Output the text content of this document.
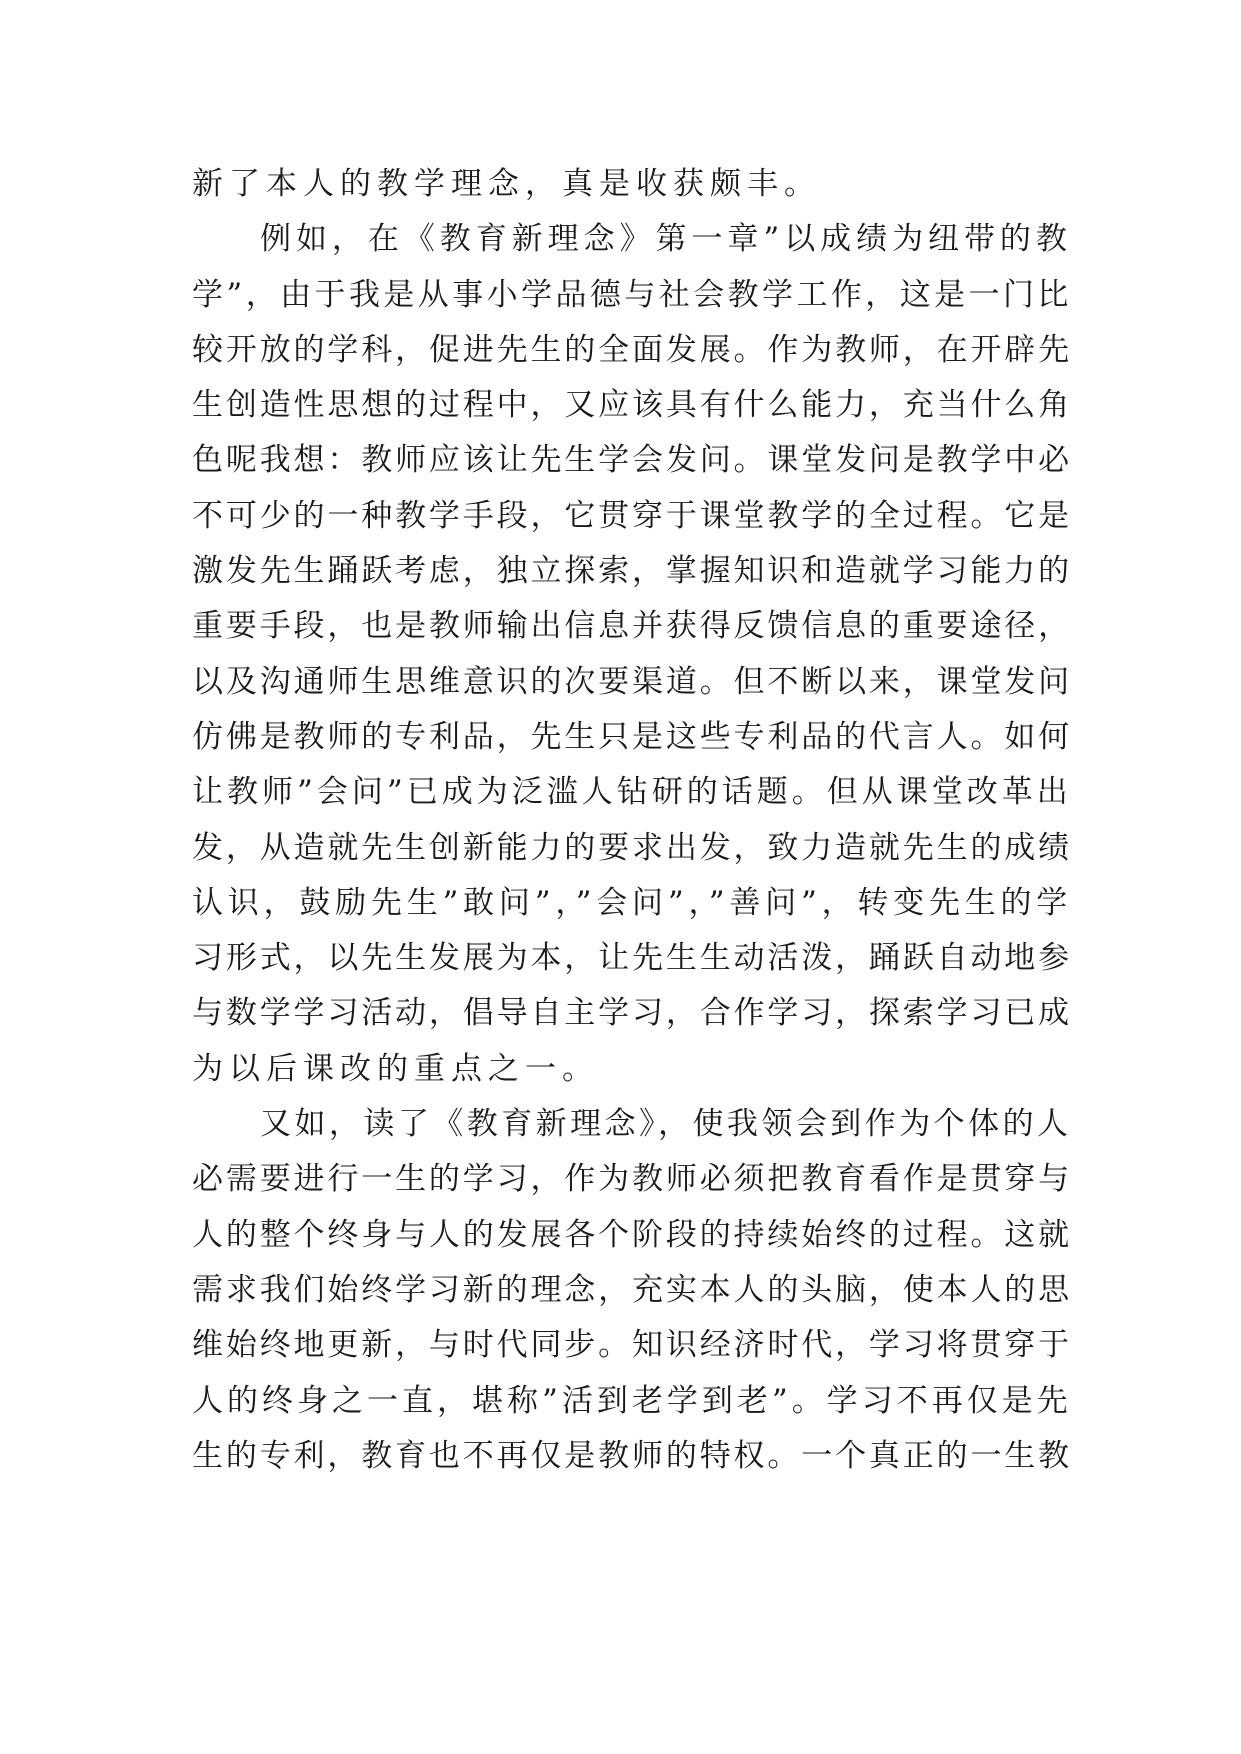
新了本人的教学理念，真是收获颇丰。
例如，在《教育新理念》第一章”以成绩为纽带的教
学”，由于我是从事小学品德与社会教学工作，这是一门比
较开放的学科，促进先生的全面发展。作为教师，在开辟先
生创造性思想的过程中，又应该具有什么能力，充当什么角
色呢我想：教师应该让先生学会发问。课堂发问是教学中必
不可少的一种教学手段，它贯穿于课堂教学的全过程。它是
激发先生踊跃考虑，独立探索，掌握知识和造就学习能力的
重要手段，也是教师输出信息并获得反馈信息的重要途径，
以及沟通师生思维意识的次要渠道。但不断以来，课堂发问
仿佛是教师的专利品，先生只是这些专利品的代言人。如何
让教师”会问”已成为泛滥人钻研的话题。但从课堂改革出
发，从造就先生创新能力的要求出发，致力造就先生的成绩
认识，鼓励先生”敢问”，”会问”，”善问”，转变先生的学
习形式，以先生发展为本，让先生生动活泼，踊跃自动地参
与数学学习活动，倡导自主学习，合作学习，探索学习已成
为以后课改的重点之一。
又如，读了《教育新理念》，使我领会到作为个体的人
必需要进行一生的学习，作为教师必须把教育看作是贯穿与
人的整个终身与人的发展各个阶段的持续始终的过程。这就
需求我们始终学习新的理念，充实本人的头脑，使本人的思
维始终地更新，与时代同步。知识经济时代，学习将贯穿于
人的终身之一直，堪称”活到老学到老”。学习不再仅是先
生的专利，教育也不再仅是教师的特权。一个真正的一生教
